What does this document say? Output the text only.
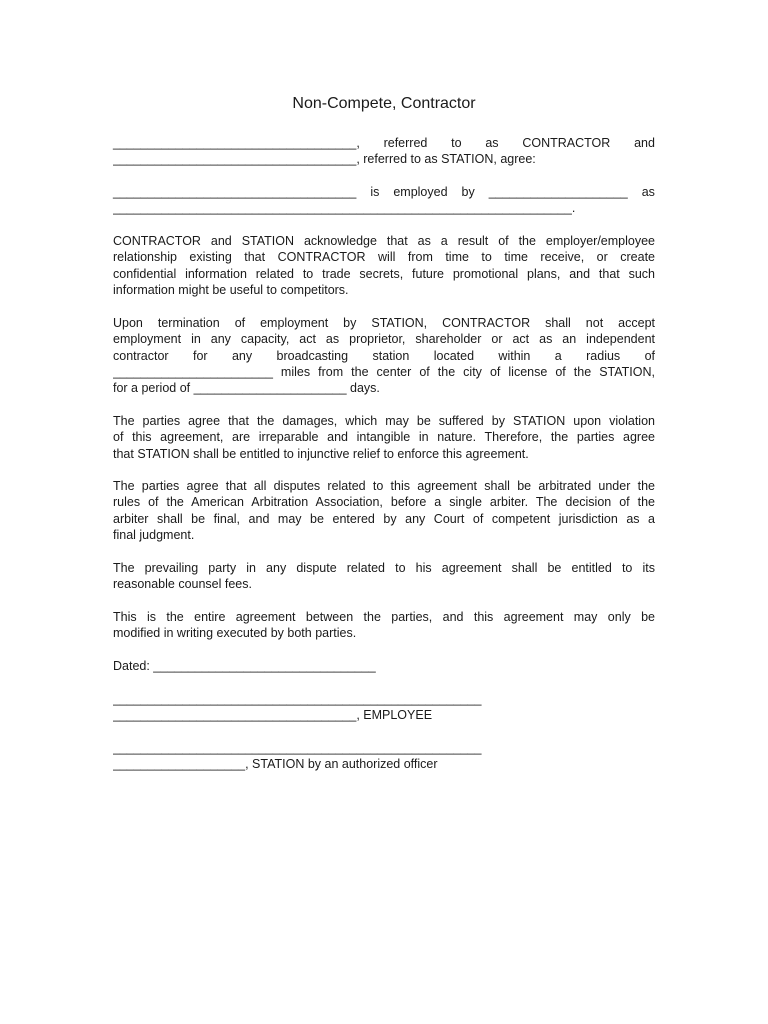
Non-Compete, Contractor
___________________________________, referred to as CONTRACTOR and
___________________________________, referred to as STATION, agree:
___________________________________ is employed by ____________________ as
__________________________________________________________________.
CONTRACTOR and STATION acknowledge that as a result of the employer/employee
relationship existing that CONTRACTOR will from time to time receive, or create
confidential information related to trade secrets, future promotional plans, and that such
information might be useful to competitors.
Upon termination of employment by STATION, CONTRACTOR shall not accept
employment in any capacity, act as proprietor, shareholder or act as an independent
contractor for any broadcasting station located within a radius of
_______________________ miles from the center of the city of license of the STATION,
for a period of ______________________ days.
The parties agree that the damages, which may be suffered by STATION upon violation
of this agreement, are irreparable and intangible in nature. Therefore, the parties agree
that STATION shall be entitled to injunctive relief to enforce this agreement.
The parties agree that all disputes related to this agreement shall be arbitrated under the
rules of the American Arbitration Association, before a single arbiter. The decision of the
arbiter shall be final, and may be entered by any Court of competent jurisdiction as a
final judgment.
The prevailing party in any dispute related to his agreement shall be entitled to its
reasonable counsel fees.
This is the entire agreement between the parties, and this agreement may only be
modified in writing executed by both parties.
Dated: ________________________________
_____________________________________________________
___________________________________, EMPLOYEE
_____________________________________________________
___________________, STATION by an authorized officer
